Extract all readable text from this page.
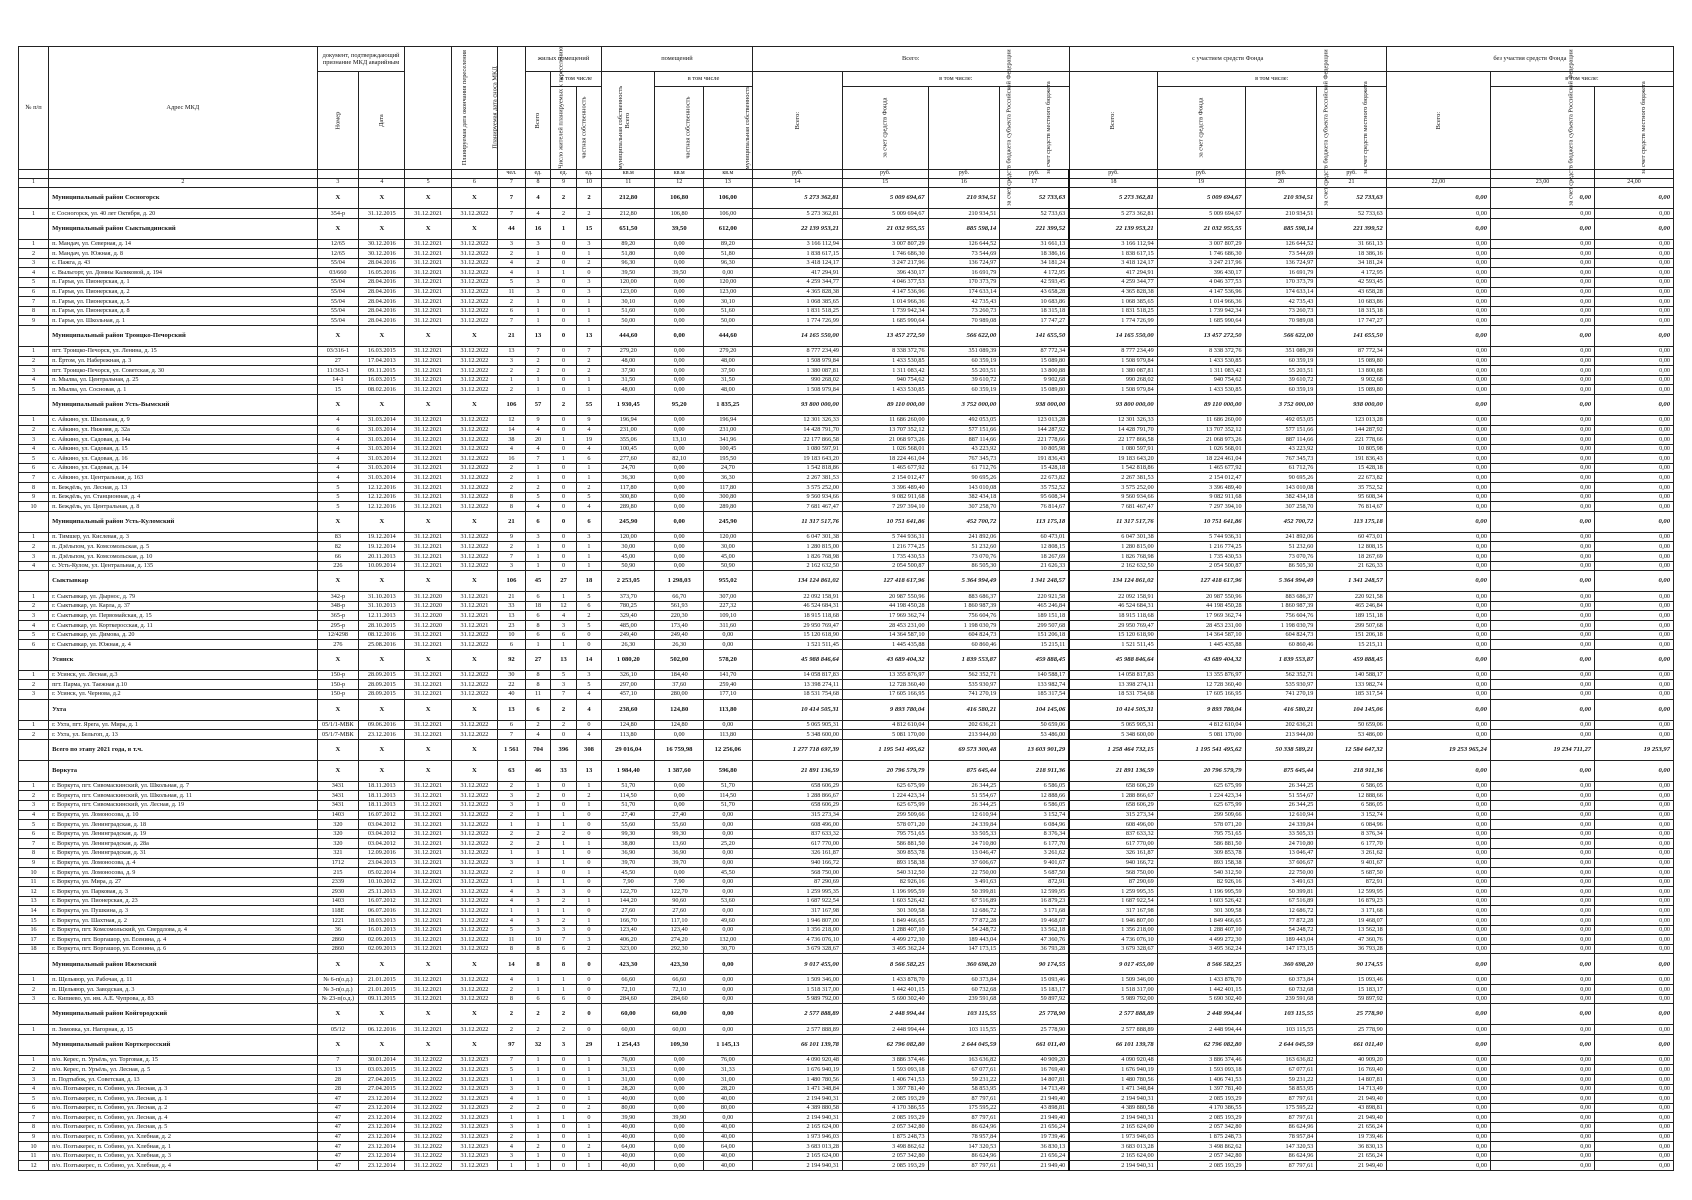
№ п/п	Адрес МКД	документ, подтверждающий признание МКД аварийным		Планируемая дата окончания переселения	Планируемая дата сноса МКД	Число жителей планируемых к переселению	жилых помещений			помещений			Всего:				с участием средств Фонда				без участия средств Фонда		
		Номер	Дата				Всего	в том числе		Всего	в том числе		Всего:	в том числе:			Всего:	в том числе:			Всего:	в том числе:	
								частная собственность	муниципальная собственность		частная собственность	муниципальная собственность		за счет средств Фонда	за счет средств бюджета субъекта Российской Федерации	за счет средств местного бюджета		за счет средств Фонда	за счет средств бюджета субъекта Российской Федерации	за счет средств местного бюджета		за счет средств бюджета субъекта Российской Федерации	за счет средств местного бюджета
						чел.	ед.	ед.	ед.	кв.м	кв.м	кв.м	руб.	руб.	руб.	руб.	руб.	руб.	руб.	руб.			
1	2	3	4	5	6	7	8	9	10	11	12	13	14	15	16	17	18	19	20	21	22,00	23,00	24,00
	Муниципальный район Сосногорск	X	X	X	X	7	4	2	2	212,80	106,80	106,00	5 273 362,81	5 009 694,67	210 934,51	52 733,63	5 273 362,81	5 009 694,67	210 934,51	52 733,63	0,00	0,00	0,00
1	г. Сосногорск, ул. 40 лет Октября, д. 20	354-р	31.12.2015	31.12.2021	31.12.2022	7	4	2	2	212,80	106,80	106,00	5 273 362,81	5 009 694,67	210 934,51	52 733,63	5 273 362,81	5 009 694,67	210 934,51	52 733,63	0,00	0,00	0,00
	Муниципальный район Сыктывдинский	X	X	X	X	44	16	1	15	651,50	39,50	612,00	22 139 953,21	21 032 955,55	885 598,14	221 399,52	22 139 953,21	21 032 955,55	885 598,14	221 399,52	0,00	0,00	0,00
1	п. Мандач, ул. Северная, д. 14	12/65	30.12.2016	31.12.2021	31.12.2022	3	3	0	3	89,20	0,00	89,20	3 166 112,94	3 007 807,29	126 644,52	31 661,13	3 166 112,94	3 007 807,29	126 644,52	31 661,13	0,00	0,00	0,00
2	п. Мандач, ул. Южная, д. 8	12/65	30.12.2016	31.12.2021	31.12.2022	2	1	0	1	51,80	0,00	51,80	1 838 617,15	1 746 686,30	73 544,69	18 386,16	1 838 617,15	1 746 686,30	73 544,69	18 386,16	0,00	0,00	0,00
3	с. Пажга, д. 43	55/04	28.04.2016	31.12.2021	31.12.2022	4	2	0	2	96,30	0,00	96,30	3 418 124,17	3 247 217,96	136 724,97	34 181,24	3 418 124,17	3 247 217,96	136 724,97	34 181,24	0,00	0,00	0,00
4	с. Выльгорт, ул. Домны Каликовой, д. 194	03/660	16.05.2016	31.12.2021	31.12.2022	4	1	1	0	39,50	39,50	0,00	417 294,91	396 430,17	16 691,79	4 172,95	417 294,91	396 430,17	16 691,79	4 172,95	0,00	0,00	0,00
5	п. Гаръя, ул. Пионерская, д. 1	55/04	28.04.2016	31.12.2021	31.12.2022	5	3	0	3	120,00	0,00	120,00	4 259 344,77	4 046 377,53	170 373,79	42 593,45	4 259 344,77	4 046 377,53	170 373,79	42 593,45	0,00	0,00	0,00
6	п. Гаръя, ул. Пионерская, д. 2	55/04	28.04.2016	31.12.2021	31.12.2022	11	3	0	3	123,00	0,00	123,00	4 365 828,38	4 147 536,96	174 633,14	43 658,28	4 365 828,38	4 147 536,96	174 633,14	43 658,28	0,00	0,00	0,00
7	п. Гаръя, ул. Пионерская, д. 5	55/04	28.04.2016	31.12.2021	31.12.2022	2	1	0	1	30,10	0,00	30,10	1 068 385,65	1 014 966,36	42 735,43	10 683,86	1 068 385,65	1 014 966,36	42 735,43	10 683,86	0,00	0,00	0,00
8	п. Гаръя, ул. Пионерская, д. 8	55/04	28.04.2016	31.12.2021	31.12.2022	6	1	0	1	51,60	0,00	51,60	1 831 518,25	1 739 942,34	73 260,73	18 315,18	1 831 518,25	1 739 942,34	73 260,73	18 315,18	0,00	0,00	0,00
9	п. Гаръя, ул. Школьная, д. 1	55/04	28.04.2016	31.12.2021	31.12.2022	7	1	0	1	50,00	0,00	50,00	1 774 726,99	1 685 990,64	70 989,08	17 747,27	1 774 726,99	1 685 990,64	70 989,08	17 747,27	0,00	0,00	0,00
	Муниципальный район Троицко-Печорский	X	X	X	X	21	13	0	13	444,60	0,00	444,60	14 165 550,00	13 457 272,50	566 622,00	141 655,50	14 165 550,00	13 457 272,50	566 622,00	141 655,50	0,00	0,00	0,00
1	пгт. Троицко-Печорск, ул. Ленина, д. 15	03/316-1	16.03.2015	31.12.2021	31.12.2022	13	7	0	7	279,20	0,00	279,20	8 777 234,49	8 338 372,76	351 089,39	87 772,34	8 777 234,49	8 338 372,76	351 089,39	87 772,34	0,00	0,00	0,00
2	п. Ёртом, ул. Набережная, д. 3	27	17.04.2013	31.12.2021	31.12.2022	3	2	0	2	48,00	0,00	48,00	1 508 979,84	1 433 530,85	60 359,19	15 089,80	1 508 979,84	1 433 530,85	60 359,19	15 089,80	0,00	0,00	0,00
3	пгт. Троицко-Печорск, ул. Советская, д. 30	11/363-1	09.11.2015	31.12.2021	31.12.2022	2	2	0	2	37,90	0,00	37,90	1 380 087,81	1 311 083,42	55 203,51	13 800,88	1 380 087,81	1 311 083,42	55 203,51	13 800,88	0,00	0,00	0,00
4	п. Мылва, ул. Центральная, д. 25	14-1	16.03.2015	31.12.2021	31.12.2022	1	1	0	1	31,50	0,00	31,50	990 268,02	940 754,62	39 610,72	9 902,68	990 268,02	940 754,62	39 610,72	9 902,68	0,00	0,00	0,00
5	п. Мылва, ул. Сосновая, д. 1	15	08.02.2016	31.12.2021	31.12.2022	2	1	0	1	48,00	0,00	48,00	1 508 979,84	1 433 530,85	60 359,19	15 089,80	1 508 979,84	1 433 530,85	60 359,19	15 089,80	0,00	0,00	0,00
	Муниципальный район Усть-Вымский	X	X	X	X	106	57	2	55	1 930,45	95,20	1 835,25	93 800 000,00	89 110 000,00	3 752 000,00	938 000,00	93 800 000,00	89 110 000,00	3 752 000,00	938 000,00	0,00	0,00	0,00
1	с. Айкино, ул. Школьная, д. 9	4	31.03.2014	31.12.2021	31.12.2022	12	9	0	9	196,94	0,00	196,94	12 301 326,33	11 686 260,00	492 053,05	123 013,28	12 301 326,33	11 686 260,00	492 053,05	123 013,28	0,00	0,00	0,00
2	с. Айкино, ул. Нижняя, д. 32а	6	31.03.2014	31.12.2021	31.12.2022	14	4	0	4	231,00	0,00	231,00	14 428 791,70	13 707 352,12	577 151,66	144 287,92	14 428 791,70	13 707 352,12	577 151,66	144 287,92	0,00	0,00	0,00
3	с. Айкино, ул. Садовая, д. 14а	4	31.03.2014	31.12.2021	31.12.2022	38	20	1	19	355,06	13,10	341,96	22 177 866,58	21 068 973,26	887 114,66	221 778,66	22 177 866,58	21 068 973,26	887 114,66	221 778,66	0,00	0,00	0,00
4	с. Айкино, ул. Садовая, д. 15	4	31.03.2014	31.12.2021	31.12.2022	4	4	0	4	100,45	0,00	100,45	1 080 597,91	1 026 568,01	43 223,92	10 805,98	1 080 597,91	1 026 568,01	43 223,92	10 805,98	0,00	0,00	0,00
5	с. Айкино, ул. Садовая, д. 16	4	31.03.2014	31.12.2021	31.12.2022	16	7	1	6	277,60	82,10	195,50	19 183 643,20	18 224 461,04	767 345,73	191 836,43	19 183 643,20	18 224 461,04	767 345,73	191 836,43	0,00	0,00	0,00
6	с. Айкино, ул. Садовая, д. 14	4	31.03.2014	31.12.2021	31.12.2022	2	1	0	1	24,70	0,00	24,70	1 542 818,86	1 465 677,92	61 712,76	15 428,18	1 542 818,86	1 465 677,92	61 712,76	15 428,18	0,00	0,00	0,00
7	с. Айкино, ул. Центральная, д. 163	4	31.03.2014	31.12.2021	31.12.2022	2	1	0	1	36,30	0,00	36,30	2 267 381,53	2 154 012,47	90 695,26	22 673,82	2 267 381,53	2 154 012,47	90 695,26	22 673,82	0,00	0,00	0,00
8	п. Беждёль, ул. Лесная, д. 13	5	12.12.2016	31.12.2021	31.12.2022	2	2	0	2	117,80	0,00	117,80	3 575 252,00	3 396 489,40	143 010,08	35 752,52	3 575 252,00	3 396 489,40	143 010,08	35 752,52	0,00	0,00	0,00
9	п. Беждёль, ул. Станционная, д. 4	5	12.12.2016	31.12.2021	31.12.2022	8	5	0	5	300,80	0,00	300,80	9 560 934,66	9 082 911,68	382 434,18	95 608,34	9 560 934,66	9 082 911,68	382 434,18	95 608,34	0,00	0,00	0,00
10	п. Беждёль, ул. Центральная, д. 8	5	12.12.2016	31.12.2021	31.12.2022	8	4	0	4	289,80	0,00	289,80	7 681 467,47	7 297 394,10	307 258,70	76 814,67	7 681 467,47	7 297 394,10	307 258,70	76 814,67	0,00	0,00	0,00
	Муниципальный район Усть-Куломский	X	X	X	X	21	6	0	6	245,90	0,00	245,90	11 317 517,76	10 751 641,86	452 700,72	113 175,18	11 317 517,76	10 751 641,86	452 700,72	113 175,18	0,00	0,00	0,00
1	п. Тимшер, ул. Кислевая, д. 3	83	19.12.2014	31.12.2021	31.12.2022	9	3	0	3	120,00	0,00	120,00	6 047 301,38	5 744 936,31	241 892,06	60 473,01	6 047 301,38	5 744 936,31	241 892,06	60 473,01	0,00	0,00	0,00
2	п. Дзёльпом, ул. Комсомольская, д. 5	82	19.12.2014	31.12.2021	31.12.2022	2	1	0	1	30,00	0,00	30,00	1 280 815,00	1 216 774,25	51 232,60	12 808,15	1 280 815,00	1 216 774,25	51 232,60	12 808,15	0,00	0,00	0,00
3	п. Дзёльпом, ул. Комсомольская, д. 10	66	20.11.2013	31.12.2021	31.12.2022	7	1	0	1	45,00	0,00	45,00	1 826 768,98	1 735 430,53	73 070,76	18 267,69	1 826 768,98	1 735 430,53	73 070,76	18 267,69	0,00	0,00	0,00
4	с. Усть-Кулом, ул. Центральная, д. 135	226	10.09.2014	31.12.2021	31.12.2022	3	1	0	1	50,90	0,00	50,90	2 162 632,50	2 054 500,87	86 505,30	21 626,33	2 162 632,50	2 054 500,87	86 505,30	21 626,33	0,00	0,00	0,00
	Сыктывкар	X	X	X	X	106	45	27	18	2 253,05	1 298,03	955,02	134 124 861,02	127 418 617,96	5 364 994,49	1 341 248,57	134 124 861,02	127 418 617,96	5 364 994,49	1 341 248,57	0,00	0,00	0,00
1	г. Сыктывкар, ул. Дырнос, д. 79	342-р	31.10.2013	31.12.2020	31.12.2021	21	6	1	5	373,70	66,70	307,00	22 092 158,91	20 987 550,96	883 686,37	220 921,58	22 092 158,91	20 987 550,96	883 686,37	220 921,58	0,00	0,00	0,00
2	г. Сыктывкар, ул. Карла, д. 37	348-р	31.10.2013	31.12.2020	31.12.2021	33	18	12	6	780,25	561,93	227,32	46 524 684,31	44 198 450,28	1 860 987,39	465 246,84	46 524 684,31	44 198 450,28	1 860 987,39	465 246,84	0,00	0,00	0,00
3	г. Сыктывкар, ул. Первомайская, д. 15	365-р	12.11.2013	31.12.2020	31.12.2021	13	6	4	2	329,40	220,30	109,10	18 915 118,68	17 969 362,74	756 604,76	189 151,18	18 915 118,68	17 969 362,74	756 604,76	189 151,18	0,00	0,00	0,00
4	г. Сыктывкар, ул. Корткеросская, д. 11	295-р	28.10.2015	31.12.2020	31.12.2021	23	8	3	5	485,00	173,40	311,60	29 950 769,47	28 453 231,00	1 198 030,79	299 507,68	29 950 769,47	28 453 231,00	1 198 030,79	299 507,68	0,00	0,00	0,00
5	г. Сыктывкар, ул. Димова, д. 20	12/4298	08.12.2016	31.12.2021	31.12.2022	10	6	6	0	249,40	249,40	0,00	15 120 618,90	14 364 587,10	604 824,73	151 206,18	15 120 618,90	14 364 587,10	604 824,73	151 206,18	0,00	0,00	0,00
6	г. Сыктывкар, ул. Южная, д. 4	276	25.08.2016	31.12.2021	31.12.2022	6	1	1	0	26,30	26,30	0,00	1 521 511,45	1 445 435,88	60 860,46	15 215,11	1 521 511,45	1 445 435,88	60 860,46	15 215,11	0,00	0,00	0,00
	Усинск	X	X	X	X	92	27	13	14	1 080,20	502,00	578,20	45 988 846,64	43 689 404,32	1 839 553,87	459 888,45	45 988 846,64	43 689 404,32	1 839 553,87	459 888,45	0,00	0,00	0,00
1	г. Усинск, ул. Лесная, д.3	150-р	28.09.2015	31.12.2021	31.12.2022	30	8	5	3	326,10	184,40	141,70	14 058 817,83	13 355 876,97	562 352,71	140 588,17	14 058 817,83	13 355 876,97	562 352,71	140 588,17	0,00	0,00	0,00
2	пгт. Парма, ул. Таежная д.10	150-р	28.09.2015	31.12.2021	31.12.2022	22	8	3	5	297,00	37,60	259,40	13 398 274,11	12 728 360,40	535 930,97	133 982,74	13 398 274,11	12 728 360,40	535 930,97	133 982,74	0,00	0,00	0,00
3	г. Усинск, ул. Чернова, д.2	150-р	28.09.2015	31.12.2021	31.12.2022	40	11	7	4	457,10	280,00	177,10	18 531 754,68	17 605 166,95	741 270,19	185 317,54	18 531 754,68	17 605 166,95	741 270,19	185 317,54	0,00	0,00	0,00
	Ухта	X	X	X	X	13	6	2	4	238,60	124,80	113,80	10 414 505,31	9 893 780,04	416 580,21	104 145,06	10 414 505,31	9 893 780,04	416 580,21	104 145,06	0,00	0,00	0,00
1	г. Ухта, пгт. Ярега, ул. Мира, д. 1	05/1/1-МВК	09.06.2016	31.12.2021	31.12.2022	6	2	2	0	124,80	124,80	0,00	5 065 905,31	4 812 610,04	202 636,21	50 659,06	5 065 905,31	4 812 610,04	202 636,21	50 659,06	0,00	0,00	0,00
2	г. Ухта, ул. Бельгоп, д. 13	05/1/7-МВК	23.12.2016	31.12.2021	31.12.2022	7	4	0	4	113,80	0,00	113,80	5 348 600,00	5 081 170,00	213 944,00	53 486,00	5 348 600,00	5 081 170,00	213 944,00	53 486,00	0,00	0,00	0,00
	Всего по этапу 2021 года, в т.ч.	X	X	X	X	1 561	704	396	308	29 016,04	16 759,98	12 256,06	1 277 718 697,39	1 195 541 495,62	69 573 300,48	13 603 901,29	1 258 464 732,15	1 195 541 495,62	50 338 589,21	12 584 647,32	19 253 965,24	19 234 711,27	19 253,97
	Воркута	X	X	X	X	63	46	33	13	1 984,40	1 387,60	596,80	21 891 136,59	20 796 579,79	875 645,44	218 911,36	21 891 136,59	20 796 579,79	875 645,44	218 911,36	0,00	0,00	0,00
1	г. Воркута, пгт. Сивомаскинский, ул. Школьная, д. 7	3431	18.11.2013	31.12.2021	31.12.2022	2	1	0	1	51,70	0,00	51,70	658 606,29	625 675,99	26 344,25	6 586,05	658 606,29	625 675,99	26 344,25	6 586,05	0,00	0,00	0,00
2	г. Воркута, пгт. Сивомаскинский, ул. Школьная, д. 11	3431	18.11.2013	31.12.2021	31.12.2022	3	2	0	2	114,50	0,00	114,50	1 288 866,67	1 224 423,34	51 554,67	12 888,66	1 288 866,67	1 224 423,34	51 554,67	12 888,66	0,00	0,00	0,00
3	г. Воркута, пгт. Сивомаскинский, ул. Лесная, д. 19	3431	18.11.2013	31.12.2021	31.12.2022	3	1	0	1	51,70	0,00	51,70	658 606,29	625 675,99	26 344,25	6 586,05	658 606,29	625 675,99	26 344,25	6 586,05	0,00	0,00	0,00
4	г. Воркута, ул. Ломоносова, д. 10	1403	16.07.2012	31.12.2021	31.12.2022	2	1	1	0	27,40	27,40	0,00	315 273,34	299 509,66	12 610,94	3 152,74	315 273,34	299 509,66	12 610,94	3 152,74	0,00	0,00	0,00
5	г. Воркута, ул. Ленинградская, д. 18	320	03.04.2012	31.12.2021	31.12.2022	1	1	1	0	55,60	55,60	0,00	608 496,00	578 071,20	24 339,84	6 084,96	608 496,00	578 071,20	24 339,84	6 084,96	0,00	0,00	0,00
6	г. Воркута, ул. Ленинградская, д. 19	320	03.04.2012	31.12.2021	31.12.2022	2	2	2	0	99,30	99,30	0,00	837 633,32	795 751,65	33 505,33	8 376,34	837 633,32	795 751,65	33 505,33	8 376,34	0,00	0,00	0,00
7	г. Воркута, ул. Ленинградская, д. 28а	320	03.04.2012	31.12.2021	31.12.2022	2	2	1	1	38,80	13,60	25,20	617 770,00	586 881,50	24 710,80	6 177,70	617 770,00	586 881,50	24 710,80	6 177,70	0,00	0,00	0,00
8	г. Воркута, ул. Ленинградская, д. 31	321	12.09.2016	31.12.2021	31.12.2022	1	1	1	0	36,90	36,90	0,00	326 161,87	309 853,78	13 046,47	3 261,62	326 161,87	309 853,78	13 046,47	3 261,62	0,00	0,00	0,00
9	г. Воркута, ул. Ломоносова, д. 4	1712	23.04.2013	31.12.2021	31.12.2022	3	1	1	0	39,70	39,70	0,00	940 166,72	893 158,38	37 606,67	9 401,67	940 166,72	893 158,38	37 606,67	9 401,67	0,00	0,00	0,00
10	г. Воркута, ул. Ломоносова, д. 9	215	05.02.2014	31.12.2021	31.12.2022	2	1	0	1	45,50	0,00	45,50	568 750,00	540 312,50	22 750,00	5 687,50	568 750,00	540 312,50	22 750,00	5 687,50	0,00	0,00	0,00
11	г. Воркута, ул. Мира, д. 27	2339	10.10.2012	31.12.2021	31.12.2022	1	1	1	0	7,90	7,90	0,00	87 290,69	82 926,16	3 491,63	872,91	87 290,69	82 926,16	3 491,63	872,91	0,00	0,00	0,00
12	г. Воркута, ул. Парковая, д. 3	2930	25.11.2013	31.12.2021	31.12.2022	4	3	3	0	122,70	122,70	0,00	1 259 995,35	1 196 995,59	50 399,81	12 599,95	1 259 995,35	1 196 995,59	50 399,81	12 599,95	0,00	0,00	0,00
13	г. Воркута, ул. Пионерская, д. 23	1403	16.07.2012	31.12.2021	31.12.2022	4	3	2	1	144,20	90,60	53,60	1 687 922,54	1 603 526,42	67 516,89	16 879,23	1 687 922,54	1 603 526,42	67 516,89	16 879,23	0,00	0,00	0,00
14	г. Воркута, ул. Пушкина, д. 3	118Е	06.07.2016	31.12.2021	31.12.2022	1	1	1	0	27,60	27,60	0,00	317 167,98	301 309,58	12 686,72	3 171,68	317 167,98	301 309,58	12 686,72	3 171,68	0,00	0,00	0,00
15	г. Воркута, ул. Шахтная, д. 2	1221	18.03.2013	31.12.2021	31.12.2022	4	3	2	1	166,70	117,10	49,60	1 946 807,00	1 849 466,65	77 872,28	19 468,07	1 946 807,00	1 849 466,65	77 872,28	19 468,07	0,00	0,00	0,00
16	г. Воркута, пгт. Комсомольский, ул. Свердлова, д. 4	36	16.01.2013	31.12.2021	31.12.2022	5	3	3	0	123,40	123,40	0,00	1 356 218,00	1 288 407,10	54 248,72	13 562,18	1 356 218,00	1 288 407,10	54 248,72	13 562,18	0,00	0,00	0,00
17	г. Воркута, пгт. Воргашор, ул. Есенина, д. 4	2860	02.09.2013	31.12.2021	31.12.2022	11	10	7	3	406,20	274,20	132,00	4 736 076,10	4 499 272,30	189 443,04	47 360,76	4 736 076,10	4 499 272,30	189 443,04	47 360,76	0,00	0,00	0,00
18	г. Воркута, пгт. Воргашор, ул. Есенина, д. 6	2860	02.09.2013	31.12.2021	31.12.2022	8	8	6	2	323,00	292,30	30,70	3 679 328,67	3 495 362,24	147 173,15	36 793,28	3 679 328,67	3 495 362,24	147 173,15	36 793,28	0,00	0,00	0,00
	Муниципальный район Ижемский	X	X	X	X	14	8	8	0	423,30	423,30	0,00	9 017 455,00	8 566 582,25	360 698,20	90 174,55	9 017 455,00	8 566 582,25	360 698,20	90 174,55	0,00	0,00	0,00
1	п. Щельяюр, ул. Рабочая, д. 11	№ 6-п(о.д.)	21.01.2015	31.12.2021	31.12.2022	4	1	1	0	66,60	66,60	0,00	1 509 346,00	1 433 878,70	60 373,84	15 093,46	1 509 346,00	1 433 878,70	60 373,84	15 093,46	0,00	0,00	0,00
2	п. Щельяюр, ул. Заводская, д. 3	№ 3-п(о.д.)	21.01.2015	31.12.2021	31.12.2022	2	1	1	0	72,10	72,10	0,00	1 518 317,00	1 442 401,15	60 732,68	15 183,17	1 518 317,00	1 442 401,15	60 732,68	15 183,17	0,00	0,00	0,00
3	с. Кипиево, ул. им. А.Е. Чупрова, д. 83	№ 23-п(о.д.)	09.11.2015	31.12.2021	31.12.2022	8	6	6	0	284,60	284,60	0,00	5 989 792,00	5 690 302,40	239 591,68	59 897,92	5 989 792,00	5 690 302,40	239 591,68	59 897,92	0,00	0,00	0,00
	Муниципальный район Койгородский	X	X	X	X	2	2	2	0	60,00	60,00	0,00	2 577 888,89	2 448 994,44	103 115,55	25 778,90	2 577 888,89	2 448 994,44	103 115,55	25 778,90	0,00	0,00	0,00
1	п. Зимовка, ул. Нагорная, д. 15	05/12	06.12.2016	31.12.2021	31.12.2022	2	2	2	0	60,00	60,00	0,00	2 577 888,89	2 448 994,44	103 115,55	25 778,90	2 577 888,89	2 448 994,44	103 115,55	25 778,90	0,00	0,00	0,00
	Муниципальный район Корткеросский	X	X	X	X	97	32	3	29	1 254,43	109,30	1 145,13	66 101 139,78	62 796 082,80	2 644 045,59	661 011,40	66 101 139,78	62 796 082,80	2 644 045,59	661 011,40	0,00	0,00	0,00
1	п/о. Керес, п. Уръёль, ул. Торговая, д. 15	7	30.01.2014	31.12.2022	31.12.2023	7	1	0	1	76,00	0,00	76,00	4 090 920,48	3 886 374,46	163 636,82	40 909,20	4 090 920,48	3 886 374,46	163 636,82	40 909,20	0,00	0,00	0,00
2	п/о. Керес, п. Уръёль, ул. Лесная, д. 5	13	03.03.2015	31.12.2022	31.12.2023	5	1	0	1	31,33	0,00	31,33	1 676 940,19	1 593 093,18	67 077,61	16 769,40	1 676 940,19	1 593 093,18	67 077,61	16 769,40	0,00	0,00	0,00
3	п. Подтыбок, ул. Советская, д. 13	28	27.04.2015	31.12.2022	31.12.2023	1	1	0	1	31,00	0,00	31,00	1 480 780,56	1 406 741,53	59 231,22	14 807,81	1 480 780,56	1 406 741,53	59 231,22	14 807,81	0,00	0,00	0,00
4	п/о. Позтыкерес, п. Собино, ул. Лесная, д. 3	28	27.04.2015	31.12.2022	31.12.2023	3	1	0	1	28,20	0,00	28,20	1 471 348,84	1 397 781,40	58 853,95	14 713,49	1 471 348,84	1 397 781,40	58 853,95	14 713,49	0,00	0,00	0,00
5	п/о. Позтыкерес, п. Собино, ул. Лесная, д. 1	47	23.12.2014	31.12.2022	31.12.2023	4	1	0	1	40,00	0,00	40,00	2 194 940,31	2 085 193,29	87 797,61	21 949,40	2 194 940,31	2 085 193,29	87 797,61	21 949,40	0,00	0,00	0,00
6	п/о. Позтыкерес, п. Собино, ул. Лесная, д. 2	47	23.12.2014	31.12.2022	31.12.2023	2	2	0	2	80,00	0,00	80,00	4 389 880,58	4 170 386,55	175 595,22	43 898,81	4 389 880,58	4 170 386,55	175 595,22	43 898,81	0,00	0,00	0,00
7	п/о. Позтыкерес, п. Собино, ул. Лесная, д. 4	47	23.12.2014	31.12.2022	31.12.2023	1	1	1	0	39,90	39,90	0,00	2 194 940,31	2 085 193,29	87 797,61	21 949,40	2 194 940,31	2 085 193,29	87 797,61	21 949,40	0,00	0,00	0,00
8	п/о. Позтыкерес, п. Собино, ул. Лесная, д. 5	47	23.12.2014	31.12.2022	31.12.2023	3	1	0	1	40,00	0,00	40,00	2 165 624,00	2 057 342,80	86 624,96	21 656,24	2 165 624,00	2 057 342,80	86 624,96	21 656,24	0,00	0,00	0,00
9	п/о. Позтыкерес, п. Собино, ул. Хлебная, д. 2	47	23.12.2014	31.12.2022	31.12.2023	2	1	0	1	40,00	0,00	40,00	1 973 946,03	1 875 248,73	78 957,84	19 739,46	1 973 946,03	1 875 248,73	78 957,84	19 739,46	0,00	0,00	0,00
10	п/о. Позтыкерес, п. Собино, ул. Хлебная, д. 1	47	23.12.2014	31.12.2022	31.12.2023	4	2	0	2	64,00	0,00	64,00	3 683 013,28	3 498 862,62	147 320,53	36 830,13	3 683 013,28	3 498 862,62	147 320,53	36 830,13	0,00	0,00	0,00
11	п/о. Позтыкерес, п. Собино, ул. Хлебная, д. 3	47	23.12.2014	31.12.2022	31.12.2023	3	1	0	1	40,00	0,00	40,00	2 165 624,00	2 057 342,80	86 624,96	21 656,24	2 165 624,00	2 057 342,80	86 624,96	21 656,24	0,00	0,00	0,00
12	п/о. Позтыкерес, п. Собино, ул. Хлебная, д. 4	47	23.12.2014	31.12.2022	31.12.2023	1	1	0	1	40,00	0,00	40,00	2 194 940,31	2 085 193,29	87 797,61	21 949,40	2 194 940,31	2 085 193,29	87 797,61	21 949,40	0,00	0,00	0,00
